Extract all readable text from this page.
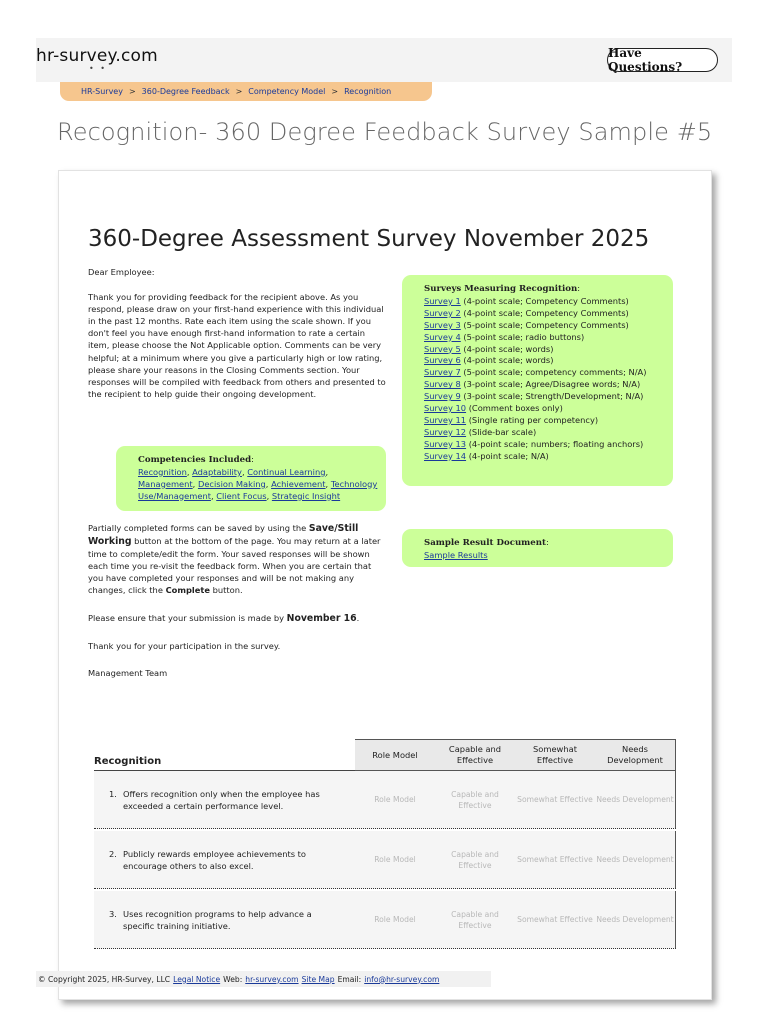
hr-survey.com
• •
Have Questions?
HR-Survey > 360-Degree Feedback > Competency Model > Recognition
Recognition- 360 Degree Feedback Survey Sample #5
360-Degree Assessment Survey November 2025

Dear Employee:

Thank you for providing feedback for the recipient above. As you respond, please draw on your first-hand experience with this individual in the past 12 months. Rate each item using the scale shown. If you don't feel you have enough first-hand information to rate a certain item, please choose the Not Applicable option. Comments can be very helpful; at a minimum where you give a particularly high or low rating, please share your reasons in the Closing Comments section. Your responses will be compiled with feedback from others and presented to the recipient to help guide their ongoing development.

Surveys Measuring Recognition:
Survey 1 (4-point scale; Competency Comments)
Survey 2 (4-point scale; Competency Comments)
Survey 3 (5-point scale; Competency Comments)
Survey 4 (5-point scale; radio buttons)
Survey 5 (4-point scale; words)
Survey 6 (4-point scale; words)
Survey 7 (5-point scale; competency comments; N/A)
Survey 8 (3-point scale; Agree/Disagree words; N/A)
Survey 9 (3-point scale; Strength/Development; N/A)
Survey 10 (Comment boxes only)
Survey 11 (Single rating per competency)
Survey 12 (Slide-bar scale)
Survey 13 (4-point scale; numbers; floating anchors)
Survey 14 (4-point scale; N/A)
Competencies Included:
Recognition, Adaptability, Continual Learning, Management, Decision Making, Achievement, Technology Use/Management, Client Focus, Strategic Insight
Sample Result Document:
Sample Results

Partially completed forms can be saved by using the Save/Still Working button at the bottom of the page. You may return at a later time to complete/edit the form. Your saved responses will be shown each time you re-visit the feedback form. When you are certain that you have completed your responses and will be not making any changes, click the Complete button.

Please ensure that your submission is made by November 16.

Thank you for your participation in the survey.

Management Team

Recognition
Role Model
Capable and Effective
Somewhat Effective
Needs Development
1. Offers recognition only when the employee has exceeded a certain performance level.
Role Model
Capable and Effective
Somewhat Effective Needs Development
2. Publicly rewards employee achievements to encourage others to also excel.
Role Model
Capable and Effective
Somewhat Effective Needs Development
3. Uses recognition programs to help advance a specific training initiative.
Role Model
Capable and Effective
Somewhat Effective Needs Development
© Copyright 2025, HR-Survey, LLC Legal Notice Web: hr-survey.com Site Map Email: info@hr-survey.com
